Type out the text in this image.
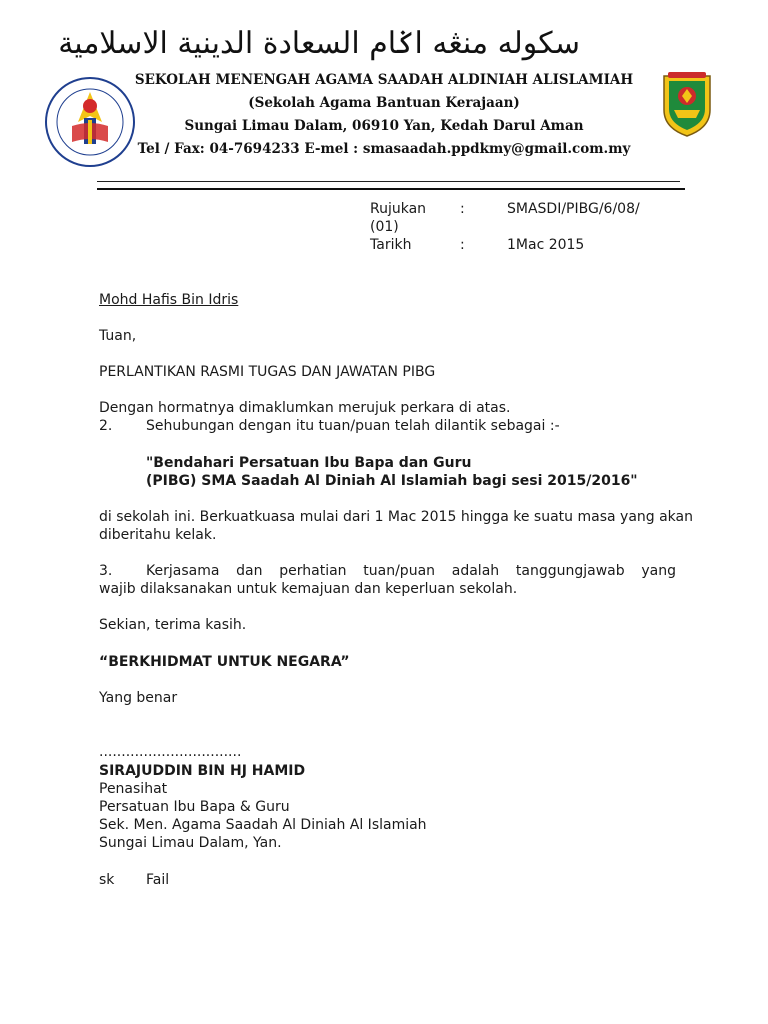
سكوله منڠه اݢام السعادة الدينية الاسلامية
SEKOLAH MENENGAH AGAMA SAADAH ALDINIAH ALISLAMIAH
(Sekolah Agama Bantuan Kerajaan)
Sungai Limau Dalam, 06910 Yan, Kedah Darul Aman
Tel / Fax: 04-7694233 E-mel : smasaadah.ppdkmy@gmail.com.my
Rujukan :	SMASDI/PIBG/6/08/
(01)
Tarikh	:	1Mac 2015
Mohd Hafis Bin Idris
Tuan,
PERLANTIKAN RASMI TUGAS DAN JAWATAN PIBG
Dengan hormatnya dimaklumkan merujuk perkara di atas.
2. Sehubungan dengan itu tuan/puan telah dilantik sebagai :-
"Bendahari Persatuan Ibu Bapa dan Guru
(PIBG) SMA Saadah Al Diniah Al Islamiah bagi sesi 2015/2016"
di sekolah ini. Berkuatkuasa mulai dari 1 Mac 2015 hingga ke suatu masa yang akan
diberitahu kelak.
3. Kerjasama dan perhatian tuan/puan adalah tanggungjawab yang
wajib dilaksanakan untuk kemajuan dan keperluan sekolah.
Sekian, terima kasih.
“BERKHIDMAT UNTUK NEGARA”
Yang benar
................................
SIRAJUDDIN BIN HJ HAMID
Penasihat
Persatuan Ibu Bapa & Guru
Sek. Men. Agama Saadah Al Diniah Al Islamiah
Sungai Limau Dalam, Yan.
sk Fail
